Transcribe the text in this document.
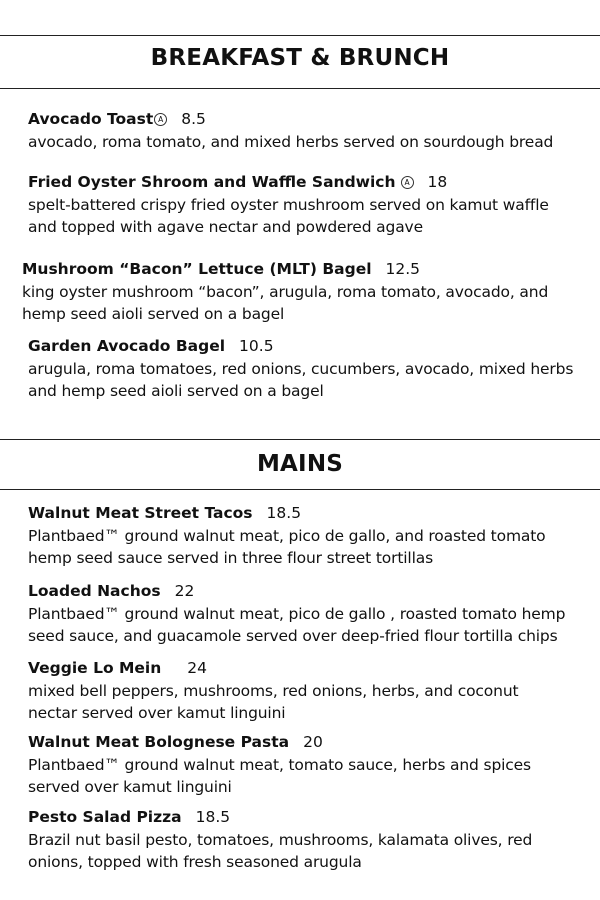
BREAKFAST & BRUNCH
Avocado Toast A 8.5
avocado, roma tomato, and mixed herbs served on sourdough bread
Fried Oyster Shroom and Waffle Sandwich A 18
spelt-battered crispy fried oyster mushroom served on kamut waffle
and topped with agave nectar and powdered agave
Mushroom “Bacon” Lettuce (MLT) Bagel 12.5
king oyster mushroom “bacon”, arugula, roma tomato, avocado, and
hemp seed aioli served on a bagel
Garden Avocado Bagel 10.5
arugula, roma tomatoes, red onions, cucumbers, avocado, mixed herbs
and hemp seed aioli served on a bagel
MAINS
Walnut Meat Street Tacos 18.5
Plantbaed™ ground walnut meat, pico de gallo, and roasted tomato
hemp seed sauce served in three flour street tortillas
Loaded Nachos 22
Plantbaed™ ground walnut meat, pico de gallo , roasted tomato hemp
seed sauce, and guacamole served over deep-fried flour tortilla chips
Veggie Lo Mein 24
mixed bell peppers, mushrooms, red onions, herbs, and coconut
nectar served over kamut linguini
Walnut Meat Bolognese Pasta 20
Plantbaed™ ground walnut meat, tomato sauce, herbs and spices
served over kamut linguini
Pesto Salad Pizza 18.5
Brazil nut basil pesto, tomatoes, mushrooms, kalamata olives, red
onions, topped with fresh seasoned arugula
